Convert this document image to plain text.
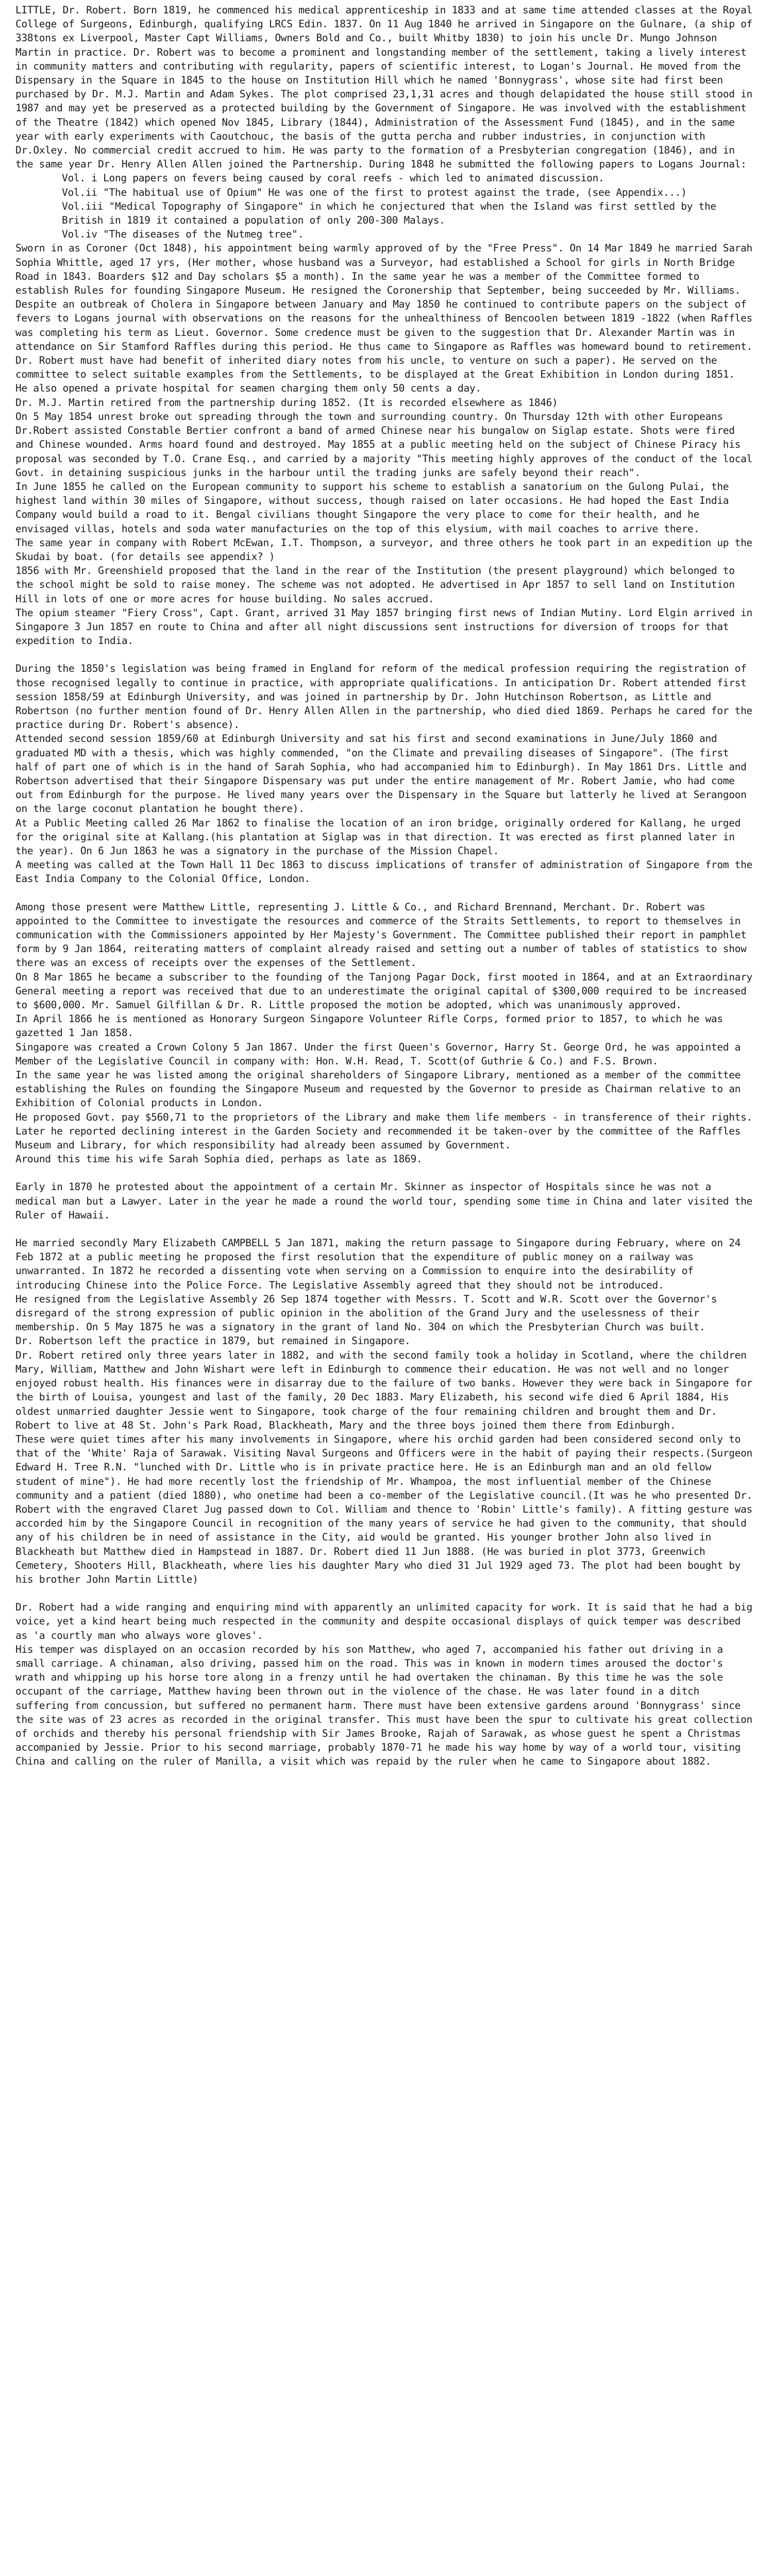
LITTLE, Dr. Robert. Born 1819, he commenced his medical apprenticeship in 1833 and at same time attended classes at the Royal College of Surgeons, Edinburgh, qualifying LRCS Edin. 1837. On 11 Aug 1840 he arrived in Singapore on the Gulnare, (a ship of 338tons ex Liverpool, Master Capt Williams, Owners Bold and Co., built Whitby 1830) to join his uncle Dr. Mungo Johnson Martin in practice. Dr. Robert was to become a prominent and longstanding member of the settlement, taking a lively interest in community matters and contributing with regularity, papers of scientific interest, to Logan's Journal. He moved from the Dispensary in the Square in 1845 to the house on Institution Hill which he named 'Bonnygrass', whose site had first been purchased by Dr. M.J. Martin and Adam Sykes. The plot comprised 23,1,31 acres and though delapidated the house still stood in 1987 and may yet be preserved as a protected building by the Government of Singapore. He was involved with the establishment of the Theatre (1842) which opened Nov 1845, Library (1844), Administration of the Assessment Fund (1845), and in the same year with early experiments with Caoutchouc, the basis of the gutta percha and rubber industries, in conjunction with Dr.Oxley. No commercial credit accrued to him. He was party to the formation of a Presbyterian congregation (1846), and in the same year Dr. Henry Allen Allen joined the Partnership. During 1848 he submitted the following papers to Logans Journal:

Vol. i Long papers on fevers being caused by coral reefs - which led to animated discussion.

Vol.ii "The habitual use of Opium" He was one of the first to protest against the trade, (see Appendix...)

Vol.iii "Medical Topography of Singapore" in which he conjectured that when the Island was first settled by the British in 1819 it contained a population of only 200-300 Malays.

Vol.iv "The diseases of the Nutmeg tree".

Sworn in as Coroner (Oct 1848), his appointment being warmly approved of by the "Free Press". On 14 Mar 1849 he married Sarah Sophia Whittle, aged 17 yrs, (Her mother, whose husband was a Surveyor, had established a School for girls in North Bridge Road in 1843. Boarders $12 and Day scholars $5 a month). In the same year he was a member of the Committee formed to establish Rules for founding Singapore Museum. He resigned the Coronership that September, being succeeded by Mr. Williams. Despite an outbreak of Cholera in Singapore between January and May 1850 he continued to contribute papers on the subject of fevers to Logans journal with observations on the reasons for the unhealthiness of Bencoolen between 1819 -1822 (when Raffles was completing his term as Lieut. Governor. Some credence must be given to the suggestion that Dr. Alexander Martin was in attendance on Sir Stamford Raffles during this period. He thus came to Singapore as Raffles was homeward bound to retirement. Dr. Robert must have had benefit of inherited diary notes from his uncle, to venture on such a paper). He served on the committee to select suitable examples from the Settlements, to be displayed at the Great Exhibition in London during 1851.

He also opened a private hospital for seamen charging them only 50 cents a day.

Dr. M.J. Martin retired from the partnership during 1852. (It is recorded elsewhere as 1846)

On 5 May 1854 unrest broke out spreading through the town and surrounding country. On Thursday 12th with other Europeans Dr.Robert assisted Constable Bertier confront a band of armed Chinese near his bungalow on Siglap estate. Shots were fired and Chinese wounded. Arms hoard found and destroyed. May 1855 at a public meeting held on the subject of Chinese Piracy his proposal was seconded by T.O. Crane Esq., and carried by a majority "This meeting highly approves of the conduct of the local Govt. in detaining suspicious junks in the harbour until the trading junks are safely beyond their reach".

In June 1855 he called on the European community to support his scheme to establish a sanatorium on the Gulong Pulai, the highest land within 30 miles of Singapore, without success, though raised on later occasions. He had hoped the East India Company would build a road to it. Bengal civilians thought Singapore the very place to come for their health, and he envisaged villas, hotels and soda water manufacturies on the top of this elysium, with mail coaches to arrive there.

The same year in company with Robert McEwan, I.T. Thompson, a surveyor, and three others he took part in an expedition up the Skudai by boat. (for details see appendix? )

1856 with Mr. Greenshield proposed that the land in the rear of the Institution (the present playground) which belonged to the school might be sold to raise money. The scheme was not adopted. He advertised in Apr 1857 to sell land on Institution Hill in lots of one or more acres for house building. No sales accrued.

The opium steamer "Fiery Cross", Capt. Grant, arrived 31 May 1857 bringing first news of Indian Mutiny. Lord Elgin arrived in Singapore 3 Jun 1857 en route to China and after all night discussions sent instructions for diversion of troops for that expedition to India.

During the 1850's legislation was being framed in England for reform of the medical profession requiring the registration of those recognised legally to continue in practice, with appropriate qualifications. In anticipation Dr. Robert attended first session 1858/59 at Edinburgh University, and was joined in partnership by Dr. John Hutchinson Robertson, as Little and Robertson (no further mention found of Dr. Henry Allen Allen in the partnership, who died died 1869. Perhaps he cared for the practice during Dr. Robert's absence).

Attended second session 1859/60 at Edinburgh University and sat his first and second examinations in June/July 1860 and graduated MD with a thesis, which was highly commended, "on the Climate and prevailing diseases of Singapore". (The first half of part one of which is in the hand of Sarah Sophia, who had accompanied him to Edinburgh). In May 1861 Drs. Little and Robertson advertised that their Singapore Dispensary was put under the entire management of Mr. Robert Jamie, who had come out from Edinburgh for the purpose. He lived many years over the Dispensary in the Square but latterly he lived at Serangoon on the large coconut plantation he bought there).

At a Public Meeting called 26 Mar 1862 to finalise the location of an iron bridge, originally ordered for Kallang, he urged for the original site at Kallang.(his plantation at Siglap was in that direction. It was erected as first planned later in the year). On 6 Jun 1863 he was a signatory in the purchase of the Mission Chapel.

A meeting was called at the Town Hall 11 Dec 1863 to discuss implications of transfer of administration of Singapore from the East India Company to the Colonial Office, London.

Among those present were Matthew Little, representing J. Little & Co., and Richard Brennand, Merchant. Dr. Robert was appointed to the Committee to investigate the resources and commerce of the Straits Settlements, to report to themselves in communication with the Commissioners appointed by Her Majesty's Government. The Committee published their report in pamphlet form by 9 Jan 1864, reiterating matters of complaint already raised and setting out a number of tables of statistics to show there was an excess of receipts over the expenses of the Settlement.

On 8 Mar 1865 he became a subscriber to the founding of the Tanjong Pagar Dock, first mooted in 1864, and at an Extraordinary General meeting a report was received that due to an underestimate the original capital of $300,000 required to be increased to $600,000. Mr. Samuel Gilfillan & Dr. R. Little proposed the motion be adopted, which was unanimously approved.

In April 1866 he is mentioned as Honorary Surgeon Singapore Volunteer Rifle Corps, formed prior to 1857, to which he was gazetted 1 Jan 1858.

Singapore was created a Crown Colony 5 Jan 1867. Under the first Queen's Governor, Harry St. George Ord, he was appointed a Member of the Legislative Council in company with: Hon. W.H. Read, T. Scott(of Guthrie & Co.) and F.S. Brown.

In the same year he was listed among the original shareholders of Singapore Library, mentioned as a member of the committee establishing the Rules on founding the Singapore Museum and requested by the Governor to preside as Chairman relative to an Exhibition of Colonial products in London.

He proposed Govt. pay $560,71 to the proprietors of the Library and make them life members - in transference of their rights. Later he reported declining interest in the Garden Society and recommended it be taken-over by the committee of the Raffles Museum and Library, for which responsibility had already been assumed by Government.

Around this time his wife Sarah Sophia died, perhaps as late as 1869.

Early in 1870 he protested about the appointment of a certain Mr. Skinner as inspector of Hospitals since he was not a medical man but a Lawyer. Later in the year he made a round the world tour, spending some time in China and later visited the Ruler of Hawaii.

He married secondly Mary Elizabeth CAMPBELL 5 Jan 1871, making the return passage to Singapore during February, where on 24 Feb 1872 at a public meeting he proposed the first resolution that the expenditure of public money on a railway was unwarranted. In 1872 he recorded a dissenting vote when serving on a Commission to enquire into the desirability of introducing Chinese into the Police Force. The Legislative Assembly agreed that they should not be introduced.

He resigned from the Legislative Assembly 26 Sep 1874 together with Messrs. T. Scott and W.R. Scott over the Governor's disregard of the strong expression of public opinion in the abolition of the Grand Jury and the uselessness of their membership. On 5 May 1875 he was a signatory in the grant of land No. 304 on which the Presbyterian Church was built.

Dr. Robertson left the practice in 1879, but remained in Singapore.

Dr. Robert retired only three years later in 1882, and with the second family took a holiday in Scotland, where the children Mary, William, Matthew and John Wishart were left in Edinburgh to commence their education. He was not well and no longer enjoyed robust health. His finances were in disarray due to the failure of two banks. However they were back in Singapore for the birth of Louisa, youngest and last of the family, 20 Dec 1883. Mary Elizabeth, his second wife died 6 April 1884, His oldest unmarried daughter Jessie went to Singapore, took charge of the four remaining children and brought them and Dr. Robert to live at 48 St. John's Park Road, Blackheath, Mary and the three boys joined them there from Edinburgh.

These were quiet times after his many involvements in Singapore, where his orchid garden had been considered second only to that of the 'White' Raja of Sarawak. Visiting Naval Surgeons and Officers were in the habit of paying their respects.(Surgeon Edward H. Tree R.N. "lunched with Dr. Little who is in private practice here. He is an Edinburgh man and an old fellow student of mine"). He had more recently lost the friendship of Mr. Whampoa, the most influential member of the Chinese community and a patient (died 1880), who onetime had been a co-member of the Legislative council.(It was he who presented Dr. Robert with the engraved Claret Jug passed down to Col. William and thence to 'Robin' Little's family). A fitting gesture was accorded him by the Singapore Council in recognition of the many years of service he had given to the community, that should any of his children be in need of assistance in the City, aid would be granted. His younger brother John also lived in Blackheath but Matthew died in Hampstead in 1887. Dr. Robert died 11 Jun 1888. (He was buried in plot 3773, Greenwich Cemetery, Shooters Hill, Blackheath, where lies his daughter Mary who died 31 Jul 1929 aged 73. The plot had been bought by his brother John Martin Little)

Dr. Robert had a wide ranging and enquiring mind with apparently an unlimited capacity for work. It is said that he had a big voice, yet a kind heart being much respected in the community and despite occasional displays of quick temper was described as 'a courtly man who always wore gloves'.

His temper was displayed on an occasion recorded by his son Matthew, who aged 7, accompanied his father out driving in a small carriage. A chinaman, also driving, passed him on the road. This was in known in modern times aroused the doctor's wrath and whipping up his horse tore along in a frenzy until he had overtaken the chinaman. By this time he was the sole occupant of the carriage, Matthew having been thrown out in the violence of the chase. He was later found in a ditch suffering from concussion, but suffered no permanent harm. There must have been extensive gardens around 'Bonnygrass' since the site was of 23 acres as recorded in the original transfer. This must have been the spur to cultivate his great collection of orchids and thereby his personal friendship with Sir James Brooke, Rajah of Sarawak, as whose guest he spent a Christmas accompanied by Jessie. Prior to his second marriage, probably 1870-71 he made his way home by way of a world tour, visiting China and calling on the ruler of Manilla, a visit which was repaid by the ruler when he came to Singapore about 1882.
